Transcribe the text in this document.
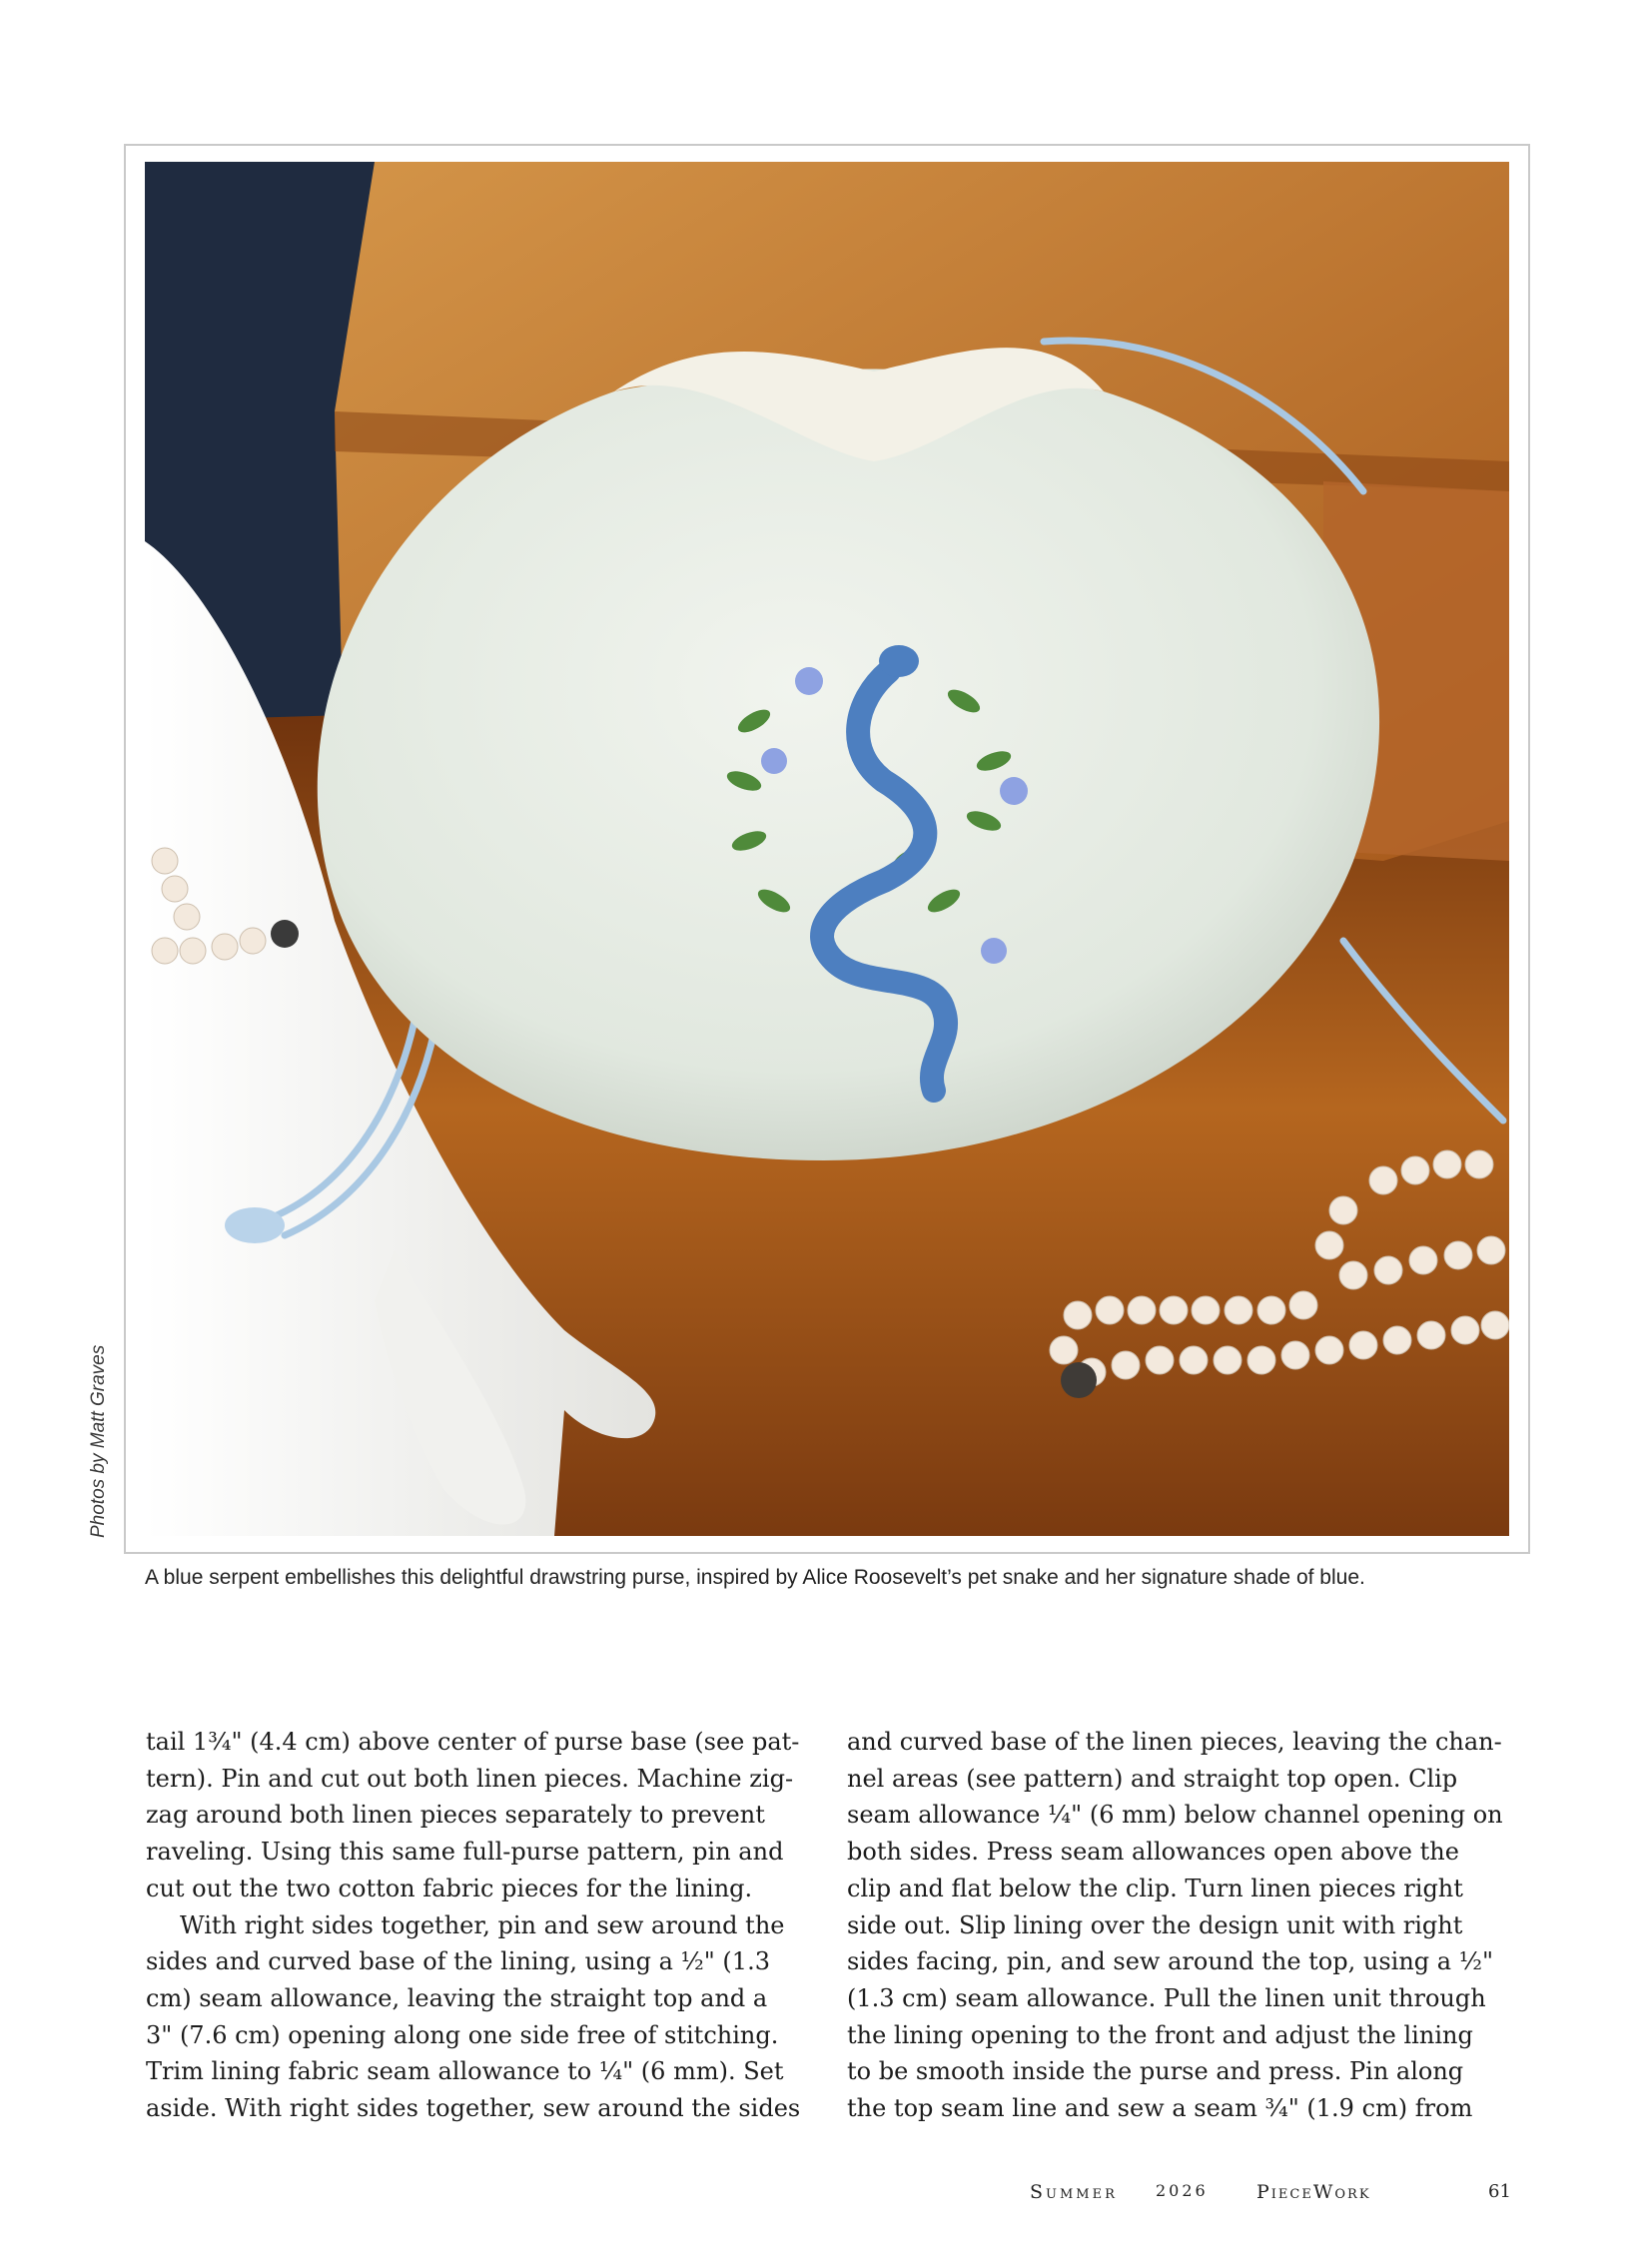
Photos by Matt Graves
A blue serpent embellishes this delightful drawstring purse, inspired by Alice Roosevelt’s pet snake and her signature shade of blue.
tail 1¾" (4.4 cm) above center of purse base (see pat-
tern). Pin and cut out both linen pieces. Machine zig-
zag around both linen pieces separately to prevent
raveling. Using this same full-purse pattern, pin and
cut out the two cotton fabric pieces for the lining.
With right sides together, pin and sew around the
sides and curved base of the lining, using a ½" (1.3
cm) seam allowance, leaving the straight top and a
3" (7.6 cm) opening along one side free of stitching.
Trim lining fabric seam allowance to ¼" (6 mm). Set
aside. With right sides together, sew around the sides
and curved base of the linen pieces, leaving the chan-
nel areas (see pattern) and straight top open. Clip
seam allowance ¼" (6 mm) below channel opening on
both sides. Press seam allowances open above the
clip and flat below the clip. Turn linen pieces right
side out. Slip lining over the design unit with right
sides facing, pin, and sew around the top, using a ½"
(1.3 cm) seam allowance. Pull the linen unit through
the lining opening to the front and adjust the lining
to be smooth inside the purse and press. Pin along
the top seam line and sew a seam ¾" (1.9 cm) from
Summer 2026	PieceWork	61
